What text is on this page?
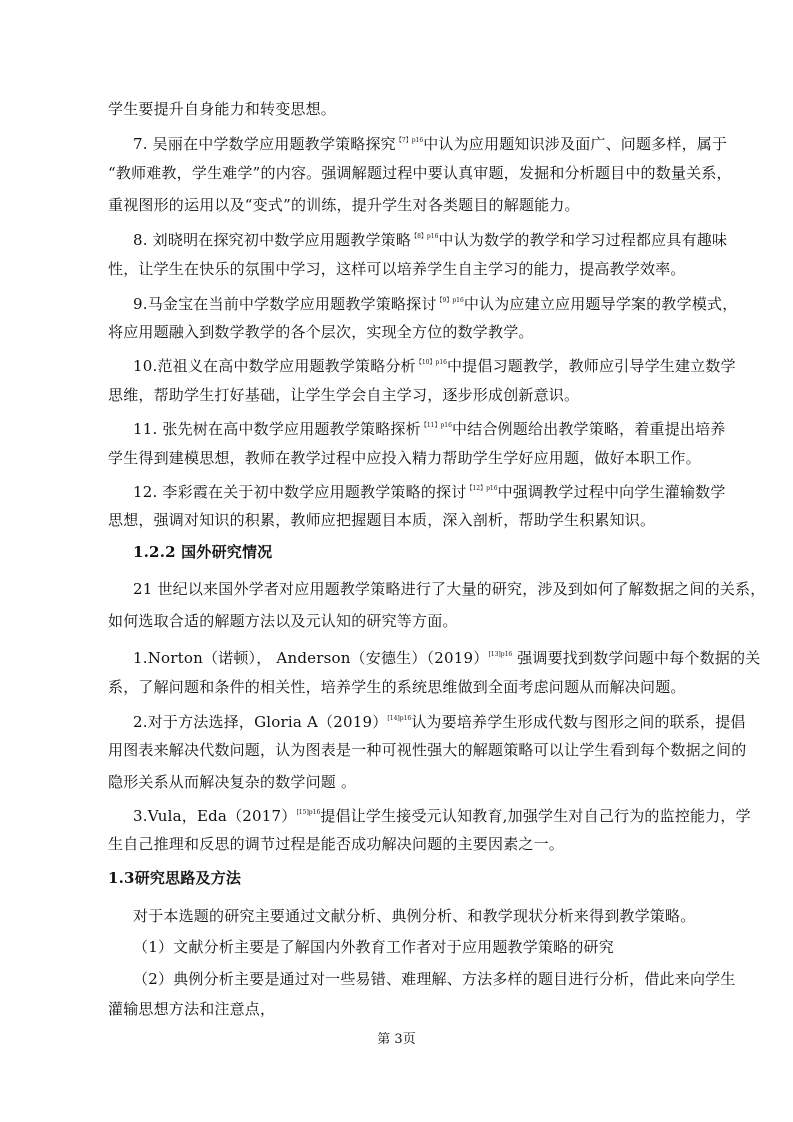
学生要提升自身能力和转变思想。
7. 吴丽在中学数学应用题教学策略探究$^{【7】p16}$中认为应用题知识涉及面广、问题多样，属于
“教师难教，学生难学”的内容。强调解题过程中要认真审题，发掘和分析题目中的数量关系，
重视图形的运用以及“变式”的训练，提升学生对各类题目的解题能力。
8. 刘晓明在探究初中数学应用题教学策略$^{【8】p16}$中认为数学的教学和学习过程都应具有趣味
性，让学生在快乐的氛围中学习，这样可以培养学生自主学习的能力，提高教学效率。
9.马金宝在当前中学数学应用题教学策略探讨$^{【9】p16}$中认为应建立应用题导学案的教学模式，
将应用题融入到数学教学的各个层次，实现全方位的数学教学。
10.范祖义在高中数学应用题教学策略分析$^{【10】p16}$中提倡习题教学，教师应引导学生建立数学
思维，帮助学生打好基础，让学生学会自主学习，逐步形成创新意识。
11. 张先树在高中数学应用题教学策略探析$^{【11】p16}$中结合例题给出教学策略，着重提出培养
学生得到建模思想，教师在教学过程中应投入精力帮助学生学好应用题，做好本职工作。
12. 李彩霞在关于初中数学应用题教学策略的探讨$^{【12】p16}$中强调教学过程中向学生灌输数学
思想，强调对知识的积累，教师应把握题目本质，深入剖析，帮助学生积累知识。
1.2.2 国外研究情况
21 世纪以来国外学者对应用题教学策略进行了大量的研究，涉及到如何了解数据之间的关系，
如何选取合适的解题方法以及元认知的研究等方面。
1.Norton（诺顿）， Anderson（安德生）$(2019)^{[13]p16}$ 强调要找到数学问题中每个数据的关
系，了解问题和条件的相关性，培养学生的系统思维做到全面考虑问题从而解决问题。
2.对于方法选择，Gloria $A(2019)^{[14]p16}$认为要培养学生形成代数与图形之间的联系，提倡
用图表来解决代数问题，认为图表是一种可视性强大的解题策略可以让学生看到每个数据之间的
隐形关系从而解决复杂的数学问题 。
3.Vula，$Eda(2017)^{[15]p16}$提倡让学生接受元认知教育,加强学生对自己行为的监控能力，学
生自己推理和反思的调节过程是能否成功解决问题的主要因素之一。
1.3研究思路及方法
对于本选题的研究主要通过文献分析、典例分析、和教学现状分析来得到教学策略。
（1）文献分析主要是了解国内外教育工作者对于应用题教学策略的研究
（2）典例分析主要是通过对一些易错、难理解、方法多样的题目进行分析，借此来向学生
灌输思想方法和注意点，
第 3页
